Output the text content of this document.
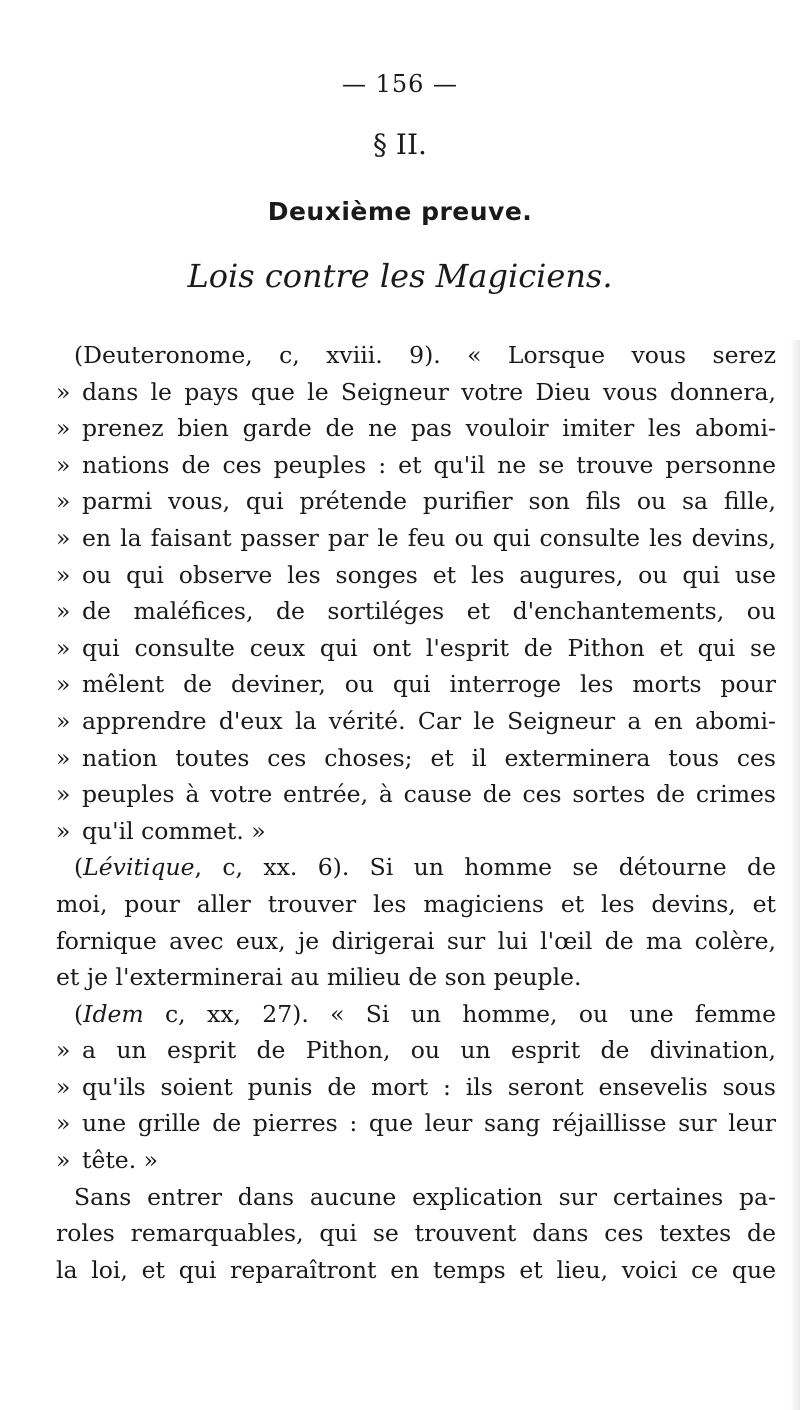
— 156 —
§ II.
Deuxième preuve.
Lois contre les Magiciens.
(Deuteronome, c, xviii. 9). « Lorsque vous serez
» dans le pays que le Seigneur votre Dieu vous donnera,
» prenez bien garde de ne pas vouloir imiter les abomi-
» nations de ces peuples : et qu'il ne se trouve personne
» parmi vous, qui prétende purifier son fils ou sa fille,
» en la faisant passer par le feu ou qui consulte les devins,
» ou qui observe les songes et les augures, ou qui use
» de maléfices, de sortiléges et d'enchantements, ou
» qui consulte ceux qui ont l'esprit de Pithon et qui se
» mêlent de deviner, ou qui interroge les morts pour
» apprendre d'eux la vérité. Car le Seigneur a en abomi-
» nation toutes ces choses; et il exterminera tous ces
» peuples à votre entrée, à cause de ces sortes de crimes
» qu'il commet. »
(Lévitique, c, xx. 6). Si un homme se détourne de
moi, pour aller trouver les magiciens et les devins, et
fornique avec eux, je dirigerai sur lui l'œil de ma colère,
et je l'exterminerai au milieu de son peuple.
(Idem c, xx, 27). « Si un homme, ou une femme
» a un esprit de Pithon, ou un esprit de divination,
» qu'ils soient punis de mort : ils seront ensevelis sous
» une grille de pierres : que leur sang réjaillisse sur leur
» tête. »
Sans entrer dans aucune explication sur certaines pa-
roles remarquables, qui se trouvent dans ces textes de
la loi, et qui reparaîtront en temps et lieu, voici ce que
